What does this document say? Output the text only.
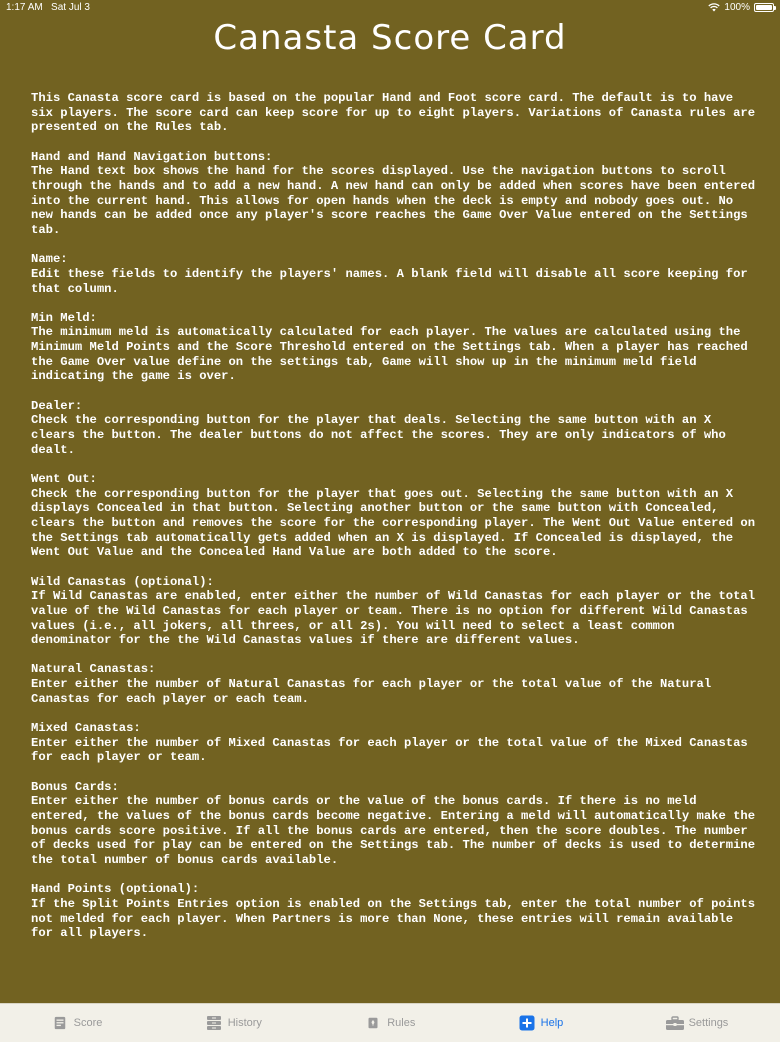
1:17 AM Sat Jul 3	100%
Canasta Score Card
This Canasta score card is based on the popular Hand and Foot score card. The default is to have six players. The score card can keep score for up to eight players. Variations of Canasta rules are presented on the Rules tab.
Hand and Hand Navigation buttons:
The Hand text box shows the hand for the scores displayed. Use the navigation buttons to scroll through the hands and to add a new hand. A new hand can only be added when scores have been entered into the current hand. This allows for open hands when the deck is empty and nobody goes out. No new hands can be added once any player's score reaches the Game Over Value entered on the Settings tab.
Name:
Edit these fields to identify the players' names. A blank field will disable all score keeping for that column.
Min Meld:
The minimum meld is automatically calculated for each player. The values are calculated using the Minimum Meld Points and the Score Threshold entered on the Settings tab. When a player has reached the Game Over value define on the settings tab, Game will show up in the minimum meld field indicating the game is over.
Dealer:
Check the corresponding button for the player that deals. Selecting the same button with an X clears the button. The dealer buttons do not affect the scores. They are only indicators of who dealt.
Went Out:
Check the corresponding button for the player that goes out. Selecting the same button with an X displays Concealed in that button. Selecting another button or the same button with Concealed, clears the button and removes the score for the corresponding player. The Went Out Value entered on the Settings tab automatically gets added when an X is displayed. If Concealed is displayed, the Went Out Value and the Concealed Hand Value are both added to the score.
Wild Canastas (optional):
If Wild Canastas are enabled, enter either the number of Wild Canastas for each player or the total value of the Wild Canastas for each player or team. There is no option for different Wild Canastas values (i.e., all jokers, all threes, or all 2s). You will need to select a least common denominator for the the Wild Canastas values if there are different values.
Natural Canastas:
Enter either the number of Natural Canastas for each player or the total value of the Natural Canastas for each player or each team.
Mixed Canastas:
Enter either the number of Mixed Canastas for each player or the total value of the Mixed Canastas for each player or team.
Bonus Cards:
Enter either the number of bonus cards or the value of the bonus cards. If there is no meld entered, the values of the bonus cards become negative. Entering a meld will automatically make the bonus cards score positive. If all the bonus cards are entered, then the score doubles. The number of decks used for play can be entered on the Settings tab. The number of decks is used to determine the total number of bonus cards available.
Hand Points (optional):
If the Split Points Entries option is enabled on the Settings tab, enter the total number of points not melded for each player. When Partners is more than None, these entries will remain available for all players.
Score	History	Rules	Help	Settings
